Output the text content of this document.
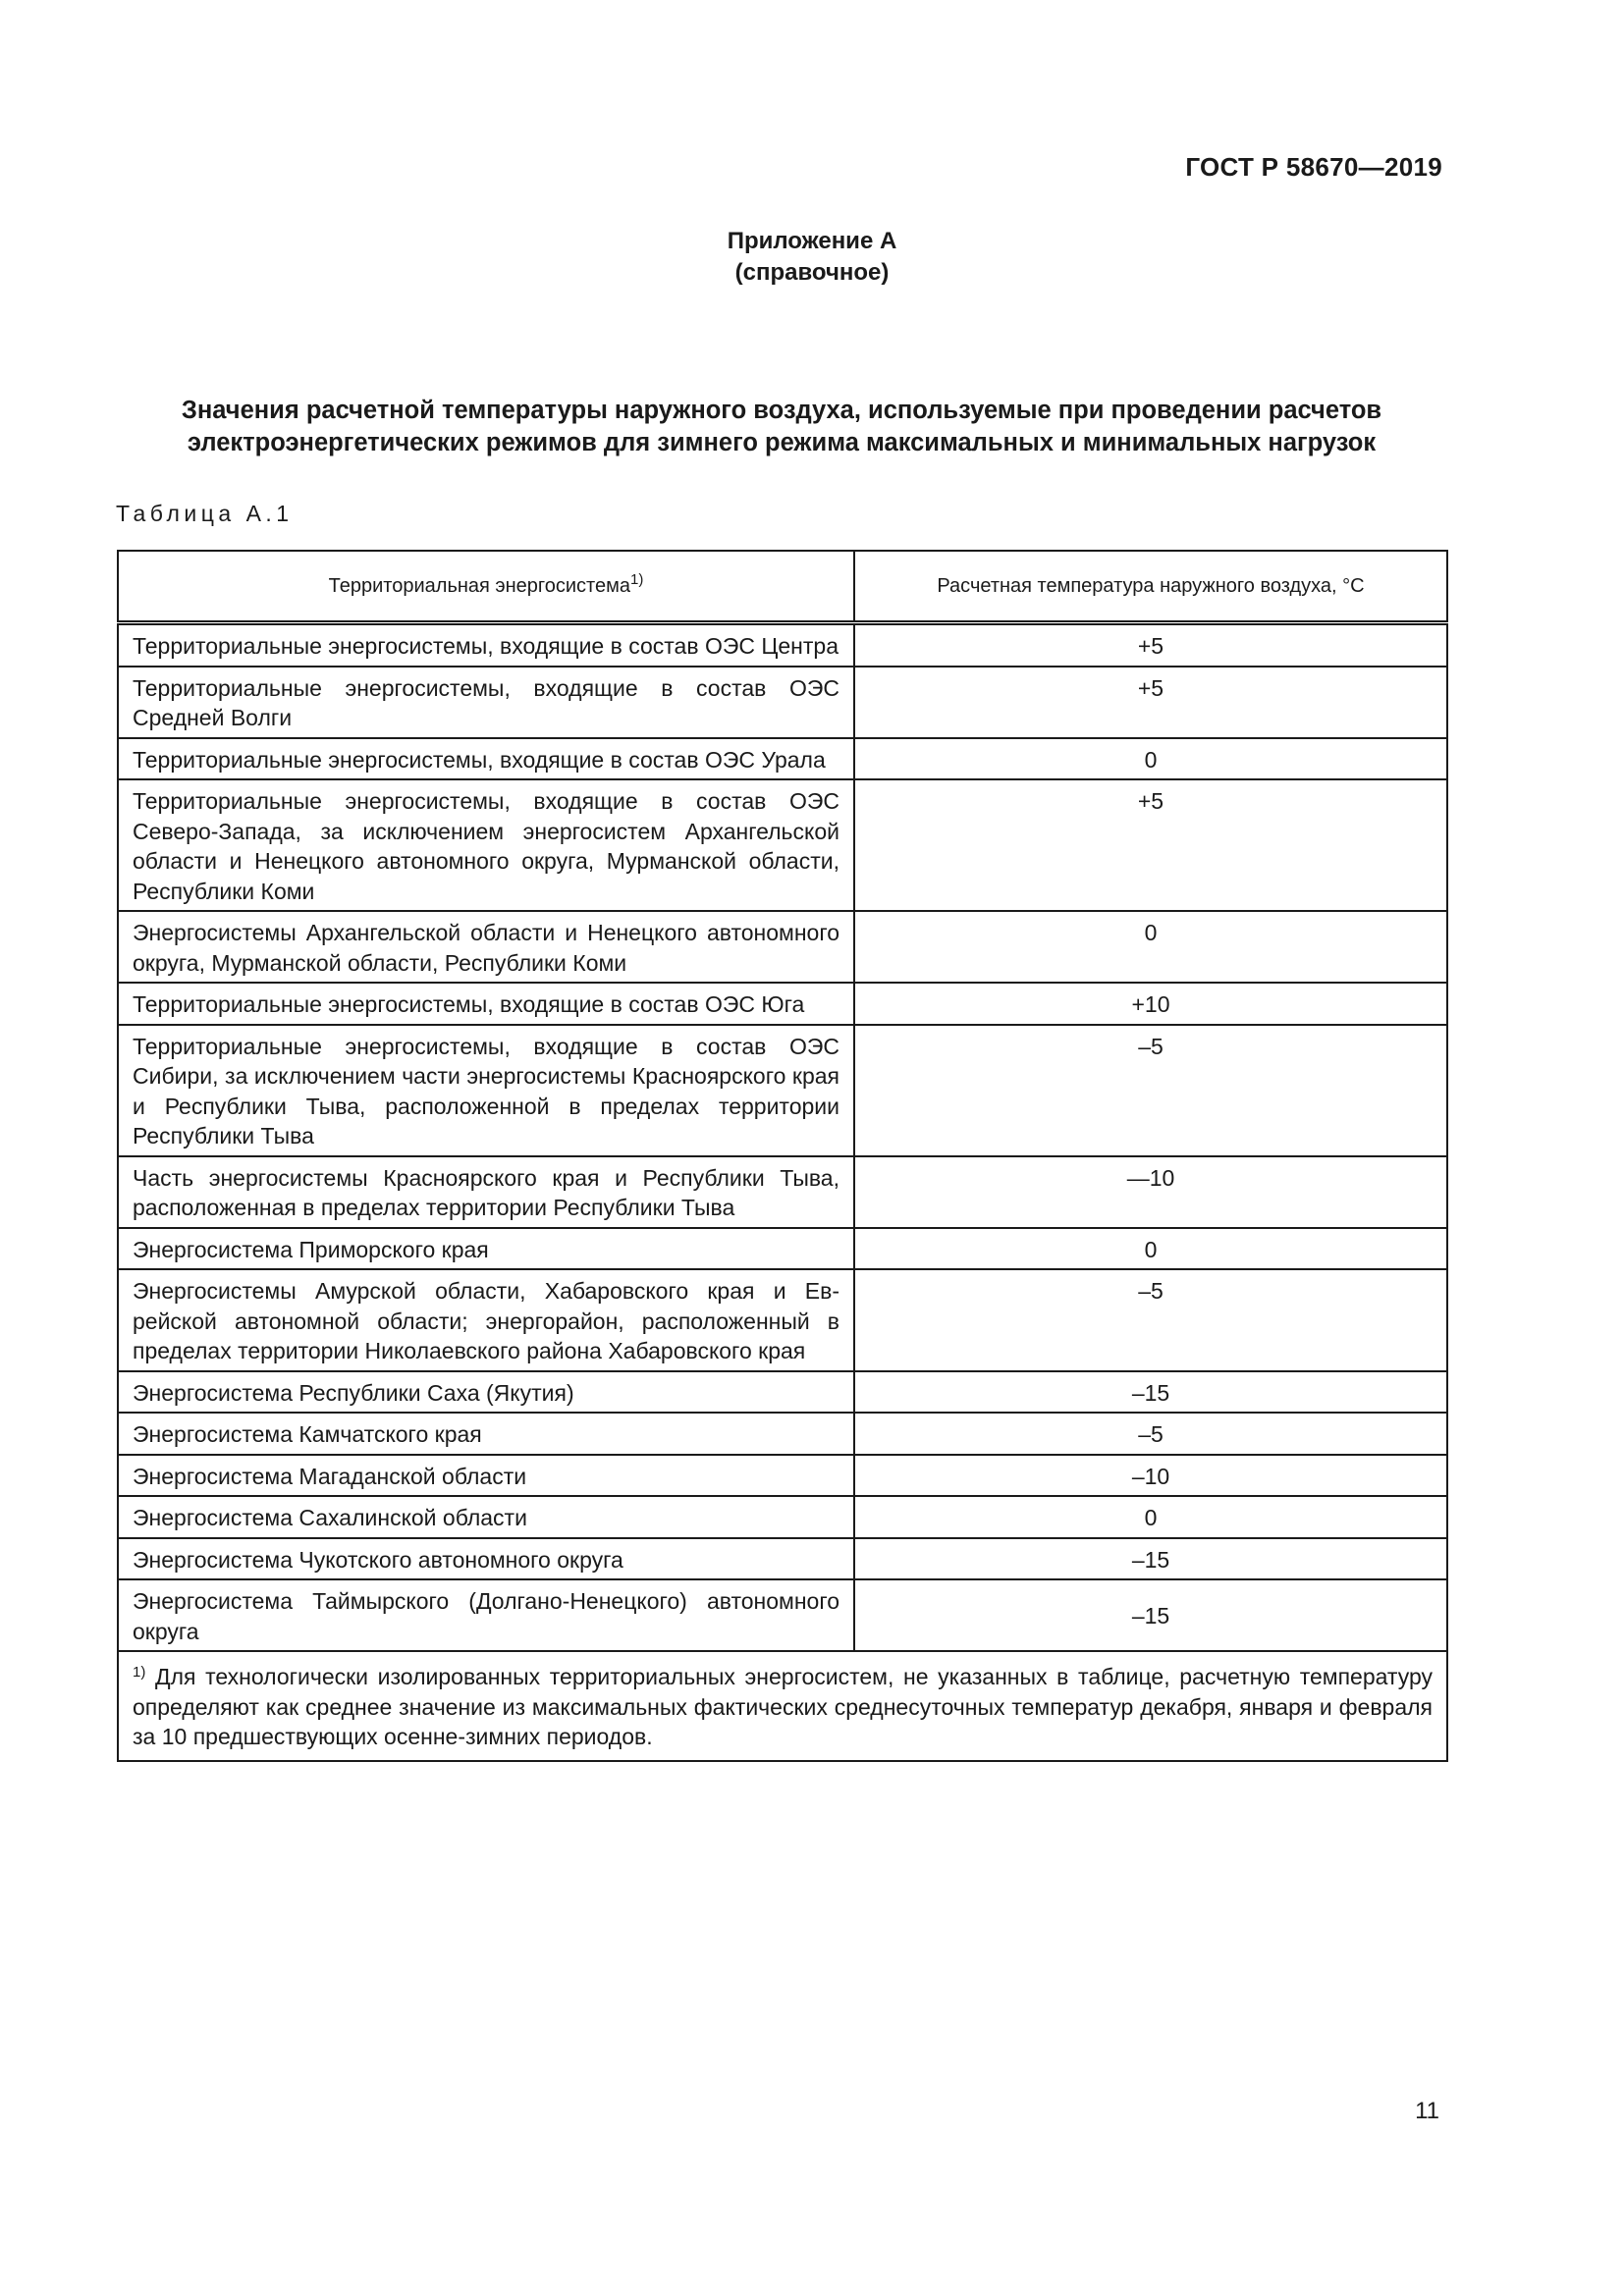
ГОСТ Р 58670—2019
Приложение А
(справочное)
Значения расчетной температуры наружного воздуха, используемые при проведении расчетов электроэнергетических режимов для зимнего режима максимальных и минимальных нагрузок
Таблица А.1
Территориальная энергосистема$^{1)}$	Расчетная температура наружного воздуха, °С
Территориальные энергосистемы, входящие в состав ОЭС Центра	+5
Территориальные энергосистемы, входящие в состав ОЭС Средней Волги	+5
Территориальные энергосистемы, входящие в состав ОЭС Урала	0
Территориальные энергосистемы, входящие в состав ОЭС Северо-Запада, за исключением энергосистем Архангельской области и Ненецкого автономного округа, Мурманской области, Республики Коми	+5
Энергосистемы Архангельской области и Ненецкого автономного округа, Мурманской области, Республики Коми	0
Территориальные энергосистемы, входящие в состав ОЭС Юга	+10
Территориальные энергосистемы, входящие в состав ОЭС Сибири, за исключением части энергосистемы Красноярского края и Республики Тыва, расположенной в пределах территории Республики Тыва	–5
Часть энергосистемы Красноярского края и Республики Тыва, расположенная в пределах территории Республики Тыва	—10
Энергосистема Приморского края	0
Энергосистемы Амурской области, Хабаровского края и Еврейской автономной области; энергорайон, расположенный в пределах территории Николаевского района Хабаровского края	–5
Энергосистема Республики Саха (Якутия)	–15
Энергосистема Камчатского края	–5
Энергосистема Магаданской области	–10
Энергосистема Сахалинской области	0
Энергосистема Чукотского автономного округа	–15
Энергосистема Таймырского (Долгано-Ненецкого) автономного округа	–15
$^{1)}$ Для технологически изолированных территориальных энергосистем, не указанных в таблице, расчетную температуру определяют как среднее значение из максимальных фактических среднесуточных температур декабря, января и февраля за 10 предшествующих осенне-зимних периодов.	
11
